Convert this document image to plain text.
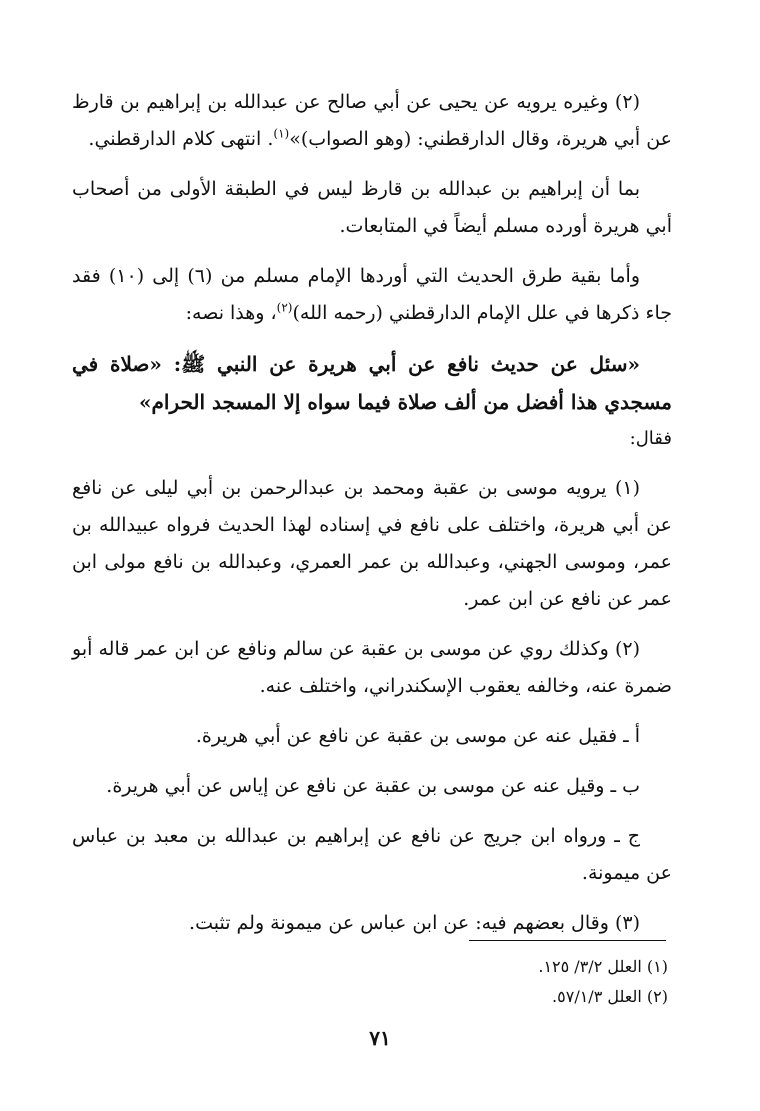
(٢) وغيره يرويه عن يحيى عن أبي صالح عن عبدالله بن إبراهيم بن قارظ عن أبي هريرة، وقال الدارقطني: (وهو الصواب)»$^{(١)}$. انتهى كلام الدارقطني.

بما أن إبراهيم بن عبدالله بن قارظ ليس في الطبقة الأولى من أصحاب أبي هريرة أورده مسلم أيضاً في المتابعات.

وأما بقية طرق الحديث التي أوردها الإمام مسلم من (٦) إلى (١٠) فقد جاء ذكرها في علل الإمام الدارقطني (رحمه الله)$^{(٢)}$، وهذا نصه:

«سئل عن حديث نافع عن أبي هريرة عن النبي ﷺ: «صلاة في مسجدي هذا أفضل من ألف صلاة فيما سواه إلا المسجد الحرام»

فقال:

(١) يرويه موسى بن عقبة ومحمد بن عبدالرحمن بن أبي ليلى عن نافع عن أبي هريرة، واختلف على نافع في إسناده لهذا الحديث فرواه عبيدالله بن عمر، وموسى الجهني، وعبدالله بن عمر العمري، وعبدالله بن نافع مولى ابن عمر عن نافع عن ابن عمر.

(٢) وكذلك روي عن موسى بن عقبة عن سالم ونافع عن ابن عمر قاله أبو ضمرة عنه، وخالفه يعقوب الإسكندراني، واختلف عنه.

أ ـ فقيل عنه عن موسى بن عقبة عن نافع عن أبي هريرة.

ب ـ وقيل عنه عن موسى بن عقبة عن نافع عن إياس عن أبي هريرة.

ج ـ ورواه ابن جريج عن نافع عن إبراهيم بن عبدالله بن معبد بن عباس عن ميمونة.

(٣) وقال بعضهم فيه: عن ابن عباس عن ميمونة ولم تثبت.

(١) العلل ٣/٢/ ١٢٥.
(٢) العلل ٥٧/١/٣.
٧١
